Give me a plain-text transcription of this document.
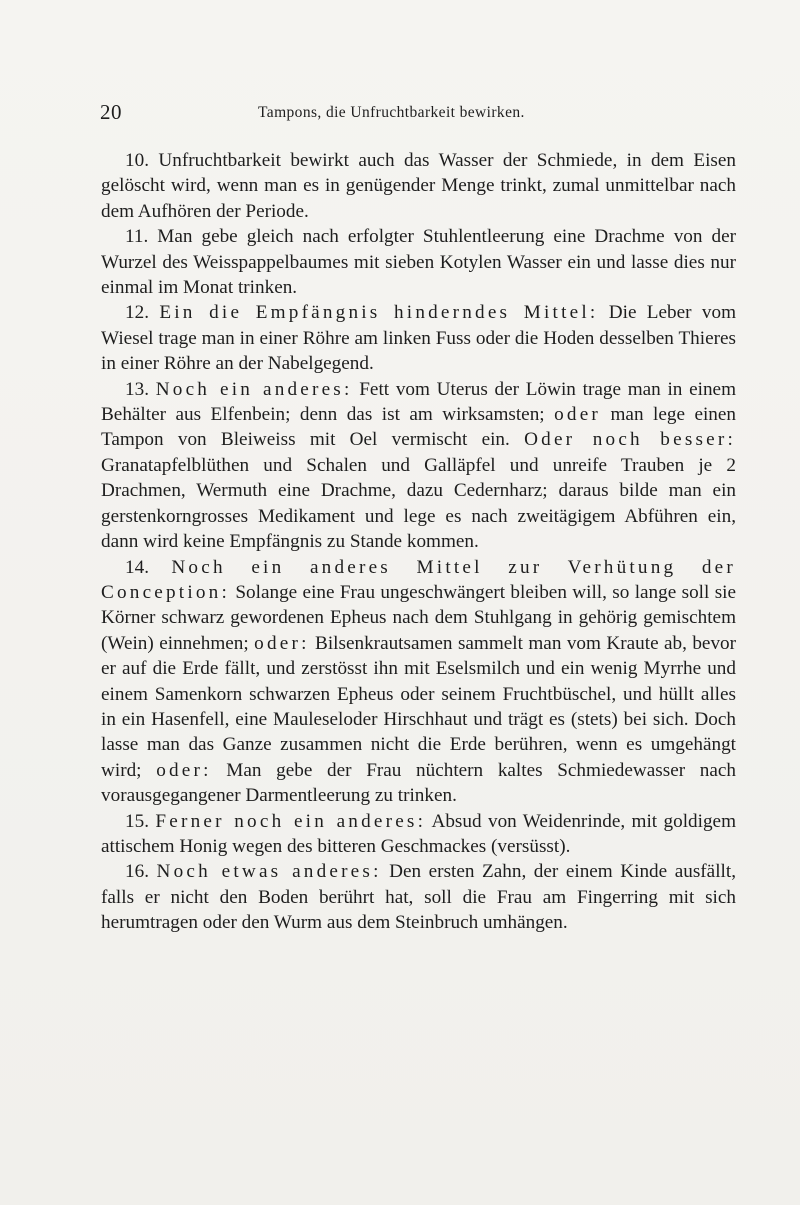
20	Tampons, die Unfruchtbarkeit bewirken.

10. Unfruchtbarkeit bewirkt auch das Wasser der Schmiede, in dem Eisen gelöscht wird, wenn man es in genügender Menge trinkt, zumal unmittelbar nach dem Aufhören der Periode.

11. Man gebe gleich nach erfolgter Stuhlentleerung eine Drachme von der Wurzel des Weisspappelbaumes mit sieben Kotylen Wasser ein und lasse dies nur einmal im Monat trinken.

12. Ein die Empfängnis hinderndes Mittel: Die Leber vom Wiesel trage man in einer Röhre am linken Fuss oder die Hoden desselben Thieres in einer Röhre an der Nabelgegend.

13. Noch ein anderes: Fett vom Uterus der Löwin trage man in einem Behälter aus Elfenbein; denn das ist am wirksamsten; oder man lege einen Tampon von Bleiweiss mit Oel vermischt ein. Oder noch besser: Granatapfelblüthen und Schalen und Galläpfel und unreife Trauben je 2 Drachmen, Wermuth eine Drachme, dazu Cedernharz; daraus bilde man ein gerstenkorngrosses Medikament und lege es nach zweitägigem Abführen ein, dann wird keine Empfängnis zu Stande kommen.

14. Noch ein anderes Mittel zur Verhütung der Conception: Solange eine Frau ungeschwängert bleiben will, so lange soll sie Körner schwarz gewordenen Epheus nach dem Stuhlgang in gehörig gemischtem (Wein) einnehmen; oder: Bilsenkrautsamen sammelt man vom Kraute ab, bevor er auf die Erde fällt, und zerstösst ihn mit Eselsmilch und ein wenig Myrrhe und einem Samenkorn schwarzen Epheus oder seinem Fruchtbüschel, und hüllt alles in ein Hasenfell, eine Mauleseloder Hirschhaut und trägt es (stets) bei sich. Doch lasse man das Ganze zusammen nicht die Erde berühren, wenn es umgehängt wird; oder: Man gebe der Frau nüchtern kaltes Schmiedewasser nach vorausgegangener Darmentleerung zu trinken.

15. Ferner noch ein anderes: Absud von Weidenrinde, mit goldigem attischem Honig wegen des bitteren Geschmackes (versüsst).

16. Noch etwas anderes: Den ersten Zahn, der einem Kinde ausfällt, falls er nicht den Boden berührt hat, soll die Frau am Fingerring mit sich herumtragen oder den Wurm aus dem Steinbruch umhängen.
